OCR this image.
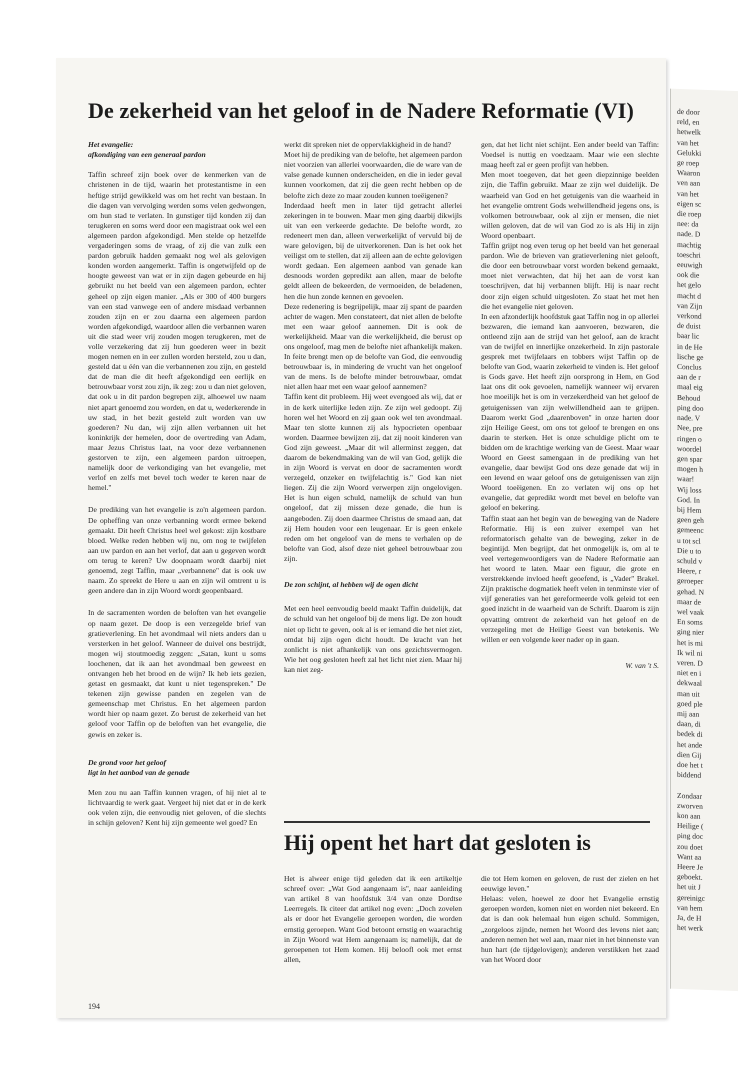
de door
reld, en
hetwelk
van het
Gelukki
ge roep
Waaron
ven aan
van het
eigen sc
die roep
nee: da
nade. D
machtig
toeschri
eeuwigh
ook die
het gelo
macht d
van Zijn
verkond
de duist
baar lic
in de He
lische ge
Conclus
aan de r
maal eig
Behoud
ping doo
nade. V
Nee, pre
ringen o
woordel
gen spar
mogen h
waar!
Wij loss
God. In
bij Hem
geen geh
gemeenc
u tot scl
Die u to
schuld v
Heere, r
geroeper
gehad. N
maar de
wel vaak
En soms
ging nier
het is mi
Ik wil ni
veren. D
niet en i
dekwaal
man uit
goed ple
mij aan
daan, di
bedek di
het ande
dien Gij
doe het t
biddend

Zondaar
zworven
kon aan
Heilige (
ping doc
zou doet
Want aa
Heere Je
geboekt.
het uit J
gereinigc
van hem
Ja, de H
het werk
De zekerheid van het geloof in de Nadere Reformatie (VI)

Het evangelie:
afkondiging van een generaal pardon

Taffin schreef zijn boek over de kenmerken van de christenen in de tijd, waarin het protestantisme in een heftige strijd gewikkeld was om het recht van bestaan. In die dagen van vervolging werden soms velen gedwongen, om hun stad te verlaten. In gunstiger tijd konden zij dan terugkeren en soms werd door een magistraat ook wel een algemeen pardon afgekondigd. Men stelde op hetzelfde vergaderingen soms de vraag, of zij die van zulk een pardon gebruik hadden gemaakt nog wel als gelovigen konden worden aangemerkt. Taffin is ongetwijfeld op de hoogte geweest van wat er in zijn dagen gebeurde en hij gebruikt nu het beeld van een algemeen pardon, echter geheel op zijn eigen manier. „Als er 300 of 400 burgers van een stad vanwege een of andere misdaad verbannen zouden zijn en er zou daarna een algemeen pardon worden afgekondigd, waardoor allen die verbannen waren uit die stad weer vrij zouden mogen terugkeren, met de volle verzekering dat zij hun goederen weer in bezit mogen nemen en in eer zullen worden hersteld, zou u dan, gesteld dat u één van die verbannenen zou zijn, en gesteld dat de man die dit heeft afgekondigd een eerlijk en betrouwbaar vorst zou zijn, ik zeg: zou u dan niet geloven, dat ook u in dit pardon begrepen zijt, alhoewel uw naam niet apart genoemd zou worden, en dat u, wederkerende in uw stad, in het bezit gesteld zult worden van uw goederen? Nu dan, wij zijn allen verbannen uit het koninkrijk der hemelen, door de overtreding van Adam, maar Jezus Christus laat, na voor deze verbannenen gestorven te zijn, een algemeen pardon uitroepen, namelijk door de verkondiging van het evangelie, met verlof en zelfs met bevel toch weder te keren naar de hemel.''

De prediking van het evangelie is zo'n algemeen pardon. De opheffing van onze verbanning wordt ermee bekend gemaakt. Dit heeft Christus heel wel gekost: zijn kostbare bloed. Welke reden hebben wij nu, om nog te twijfelen aan uw pardon en aan het verlof, dat aan u gegeven wordt om terug te keren? Uw doopnaam wordt daarbij niet genoemd, zegt Taffin, maar „verbannene'' dat is ook uw naam. Zo spreekt de Here u aan en zijn wil omtrent u is geen andere dan in zijn Woord wordt geopenbaard.

In de sacramenten worden de beloften van het evangelie op naam gezet. De doop is een verzegelde brief van gratieverlening. En het avondmaal wil niets anders dan u versterken in het geloof. Wanneer de duivel ons bestrijdt, mogen wij stoutmoedig zeggen: „Satan, kunt u soms loochenen, dat ik aan het avondmaal ben geweest en ontvangen heb het brood en de wijn? Ik heb iets gezien, getast en gesmaakt, dat kunt u niet tegenspreken.'' De tekenen zijn gewisse panden en zegelen van de gemeenschap met Christus. En het algemeen pardon wordt hier op naam gezet. Zo berust de zekerheid van het geloof voor Taffin op de beloften van het evangelie, die gewis en zeker is.

De grond voor het geloof
ligt in het aanbod van de genade

Men zou nu aan Taffin kunnen vragen, of hij niet al te lichtvaardig te werk gaat. Vergeet hij niet dat er in de kerk ook velen zijn, die eenvoudig niet geloven, of die slechts in schijn geloven? Kent hij zijn gemeente wel goed? En

werkt dit spreken niet de oppervlakkigheid in de hand?
Moet hij de prediking van de belofte, het algemeen pardon niet voorzien van allerlei voorwaarden, die de ware van de valse genade kunnen onderscheiden, en die in ieder geval kunnen voorkomen, dat zij die geen recht hebben op de belofte zich deze zo maar zouden kunnen toeëigenen?
Inderdaad heeft men in later tijd getracht allerlei zekeringen in te bouwen. Maar men ging daarbij dikwijls uit van een verkeerde gedachte. De belofte wordt, zo redeneert men dan, alleen verwerkelijkt of vervuld bij de ware gelovigen, bij de uitverkorenen. Dan is het ook het veiligst om te stellen, dat zij alleen aan de echte gelovigen wordt gedaan. Een algemeen aanbod van genade kan desnoods worden gepredikt aan allen, maar de belofte geldt alleen de bekeerden, de vermoeiden, de beladenen, hen die hun zonde kennen en gevoelen.
Deze redenering is begrijpelijk, maar zij spant de paarden achter de wagen. Men constateert, dat niet allen de belofte met een waar geloof aannemen. Dit is ook de werkelijkheid. Maar van die werkelijkheid, die berust op ons ongeloof, mag men de belofte niet afhankelijk maken. In feite brengt men op de belofte van God, die eenvoudig betrouwbaar is, in mindering de vrucht van het ongeloof van de mens. Is de belofte minder betrouwbaar, omdat niet allen haar met een waar geloof aannemen?
Taffin kent dit probleem. Hij weet evengoed als wij, dat er in de kerk uiterlijke leden zijn. Ze zijn wel gedoopt. Zij horen wel het Woord en zij gaan ook wel ten avondmaal. Maar ten slotte kunnen zij als hypocrieten openbaar worden. Daarmee bewijzen zij, dat zij nooit kinderen van God zijn geweest. „Maar dit wil allerminst zeggen, dat daarom de bekendmaking van de wil van God, gelijk die in zijn Woord is vervat en door de sacramenten wordt verzegeld, onzeker en twijfelachtig is.'' God kan niet liegen. Zij die zijn Woord verwerpen zijn ongelovigen. Het is hun eigen schuld, namelijk de schuld van hun ongeloof, dat zij missen deze genade, die hun is aangeboden. Zij doen daarmee Christus de smaad aan, dat zij Hem houden voor een leugenaar. Er is geen enkele reden om het ongeloof van de mens te verhalen op de belofte van God, alsof deze niet geheel betrouwbaar zou zijn.

De zon schijnt, al hebben wij de ogen dicht

Met een heel eenvoudig beeld maakt Taffin duidelijk, dat de schuld van het ongeloof bij de mens ligt. De zon houdt niet op licht te geven, ook al is er iemand die het niet ziet, omdat hij zijn ogen dicht houdt. De kracht van het zonlicht is niet afhankelijk van ons gezichtsvermogen. Wie het oog gesloten heeft zal het licht niet zien. Maar hij kan niet zeg-

gen, dat het licht niet schijnt. Een ander beeld van Taffin: Voedsel is nuttig en voedzaam. Maar wie een slechte maag heeft zal er geen profijt van hebben.
Men moet toegeven, dat het geen diepzinnige beelden zijn, die Taffin gebruikt. Maar ze zijn wel duidelijk. De waarheid van God en het getuigenis van die waarheid in het evangelie omtrent Gods welwillendheid jegens ons, is volkomen betrouwbaar, ook al zijn er mensen, die niet willen geloven, dat de wil van God zo is als Hij in zijn Woord openbaart.
Taffin grijpt nog even terug op het beeld van het generaal pardon. Wie de brieven van gratieverlening niet gelooft, die door een betrouwbaar vorst worden bekend gemaakt, moet niet verwachten, dat hij het aan de vorst kan toeschrijven, dat hij verbannen blijft. Hij is naar recht door zijn eigen schuld uitgesloten. Zo staat het met hen die het evangelie niet geloven.
In een afzonderlijk hoofdstuk gaat Taffin nog in op allerlei bezwaren, die iemand kan aanvoeren, bezwaren, die ontleend zijn aan de strijd van het geloof, aan de kracht van de twijfel en innerlijke onzekerheid. In zijn pastorale gesprek met twijfelaars en tobbers wijst Taffin op de belofte van God, waarin zekerheid te vinden is. Het geloof is Gods gave. Het heeft zijn oorsprong in Hem, en God laat ons dit ook gevoelen, namelijk wanneer wij ervaren hoe moeilijk het is om in verzekerdheid van het geloof de getuigenissen van zijn welwillendheid aan te grijpen. Daarom werkt God „daarenboven'' in onze harten door zijn Heilige Geest, om ons tot geloof te brengen en ons daarin te sterken. Het is onze schuldige plicht om te bidden om de krachtige werking van de Geest. Maar waar Woord en Geest samengaan in de prediking van het evangelie, daar bewijst God ons deze genade dat wij in een levend en waar geloof ons de getuigenissen van zijn Woord toeëigenen. En zo verlaten wij ons op het evangelie, dat gepredikt wordt met bevel en belofte van geloof en bekering.
Taffin staat aan het begin van de beweging van de Nadere Reformatie. Hij is een zuiver exempel van het reformatorisch gehalte van de beweging, zeker in de begintijd. Men begrijpt, dat het onmogelijk is, om al te veel vertegenwoordigers van de Nadere Reformatie aan het woord te laten. Maar een figuur, die grote en verstrekkende invloed heeft geoefend, is „Vader'' Brakel. Zijn praktische dogmatiek heeft velen in tenminste vier of vijf generaties van het gereformeerde volk geleid tot een goed inzicht in de waarheid van de Schrift. Daarom is zijn opvatting omtrent de zekerheid van het geloof en de verzegeling met de Heilige Geest van betekenis. We willen er een volgende keer nader op in gaan.

W. van 't S.

Hij opent het hart dat gesloten is

Het is alweer enige tijd geleden dat ik een artikeltje schreef over: „Wat God aangenaam is'', naar aanleiding van artikel 8 van hoofdstuk 3/4 van onze Dordtse Leerregels. Ik citeer dat artikel nog even: „Doch zovelen als er door het Evangelie geroepen worden, die worden ernstig geroepen. Want God betoont ernstig en waarachtig in Zijn Woord wat Hem aangenaam is; namelijk, dat de geroepenen tot Hem komen. Hij beloofl ook met ernst allen,

die tot Hem komen en geloven, de rust der zielen en het eeuwige leven.''
Helaas: velen, hoewel ze door het Evangelie ernstig geroepen worden, komen niet en worden niet bekeerd. En dat is dan ook helemaal hun eigen schuld. Sommigen, „zorgeloos zijnde, nemen het Woord des levens niet aan; anderen nemen het wel aan, maar niet in het binnenste van hun hart (de tijdgelovigen); anderen verstikken het zaad van het Woord door

194
